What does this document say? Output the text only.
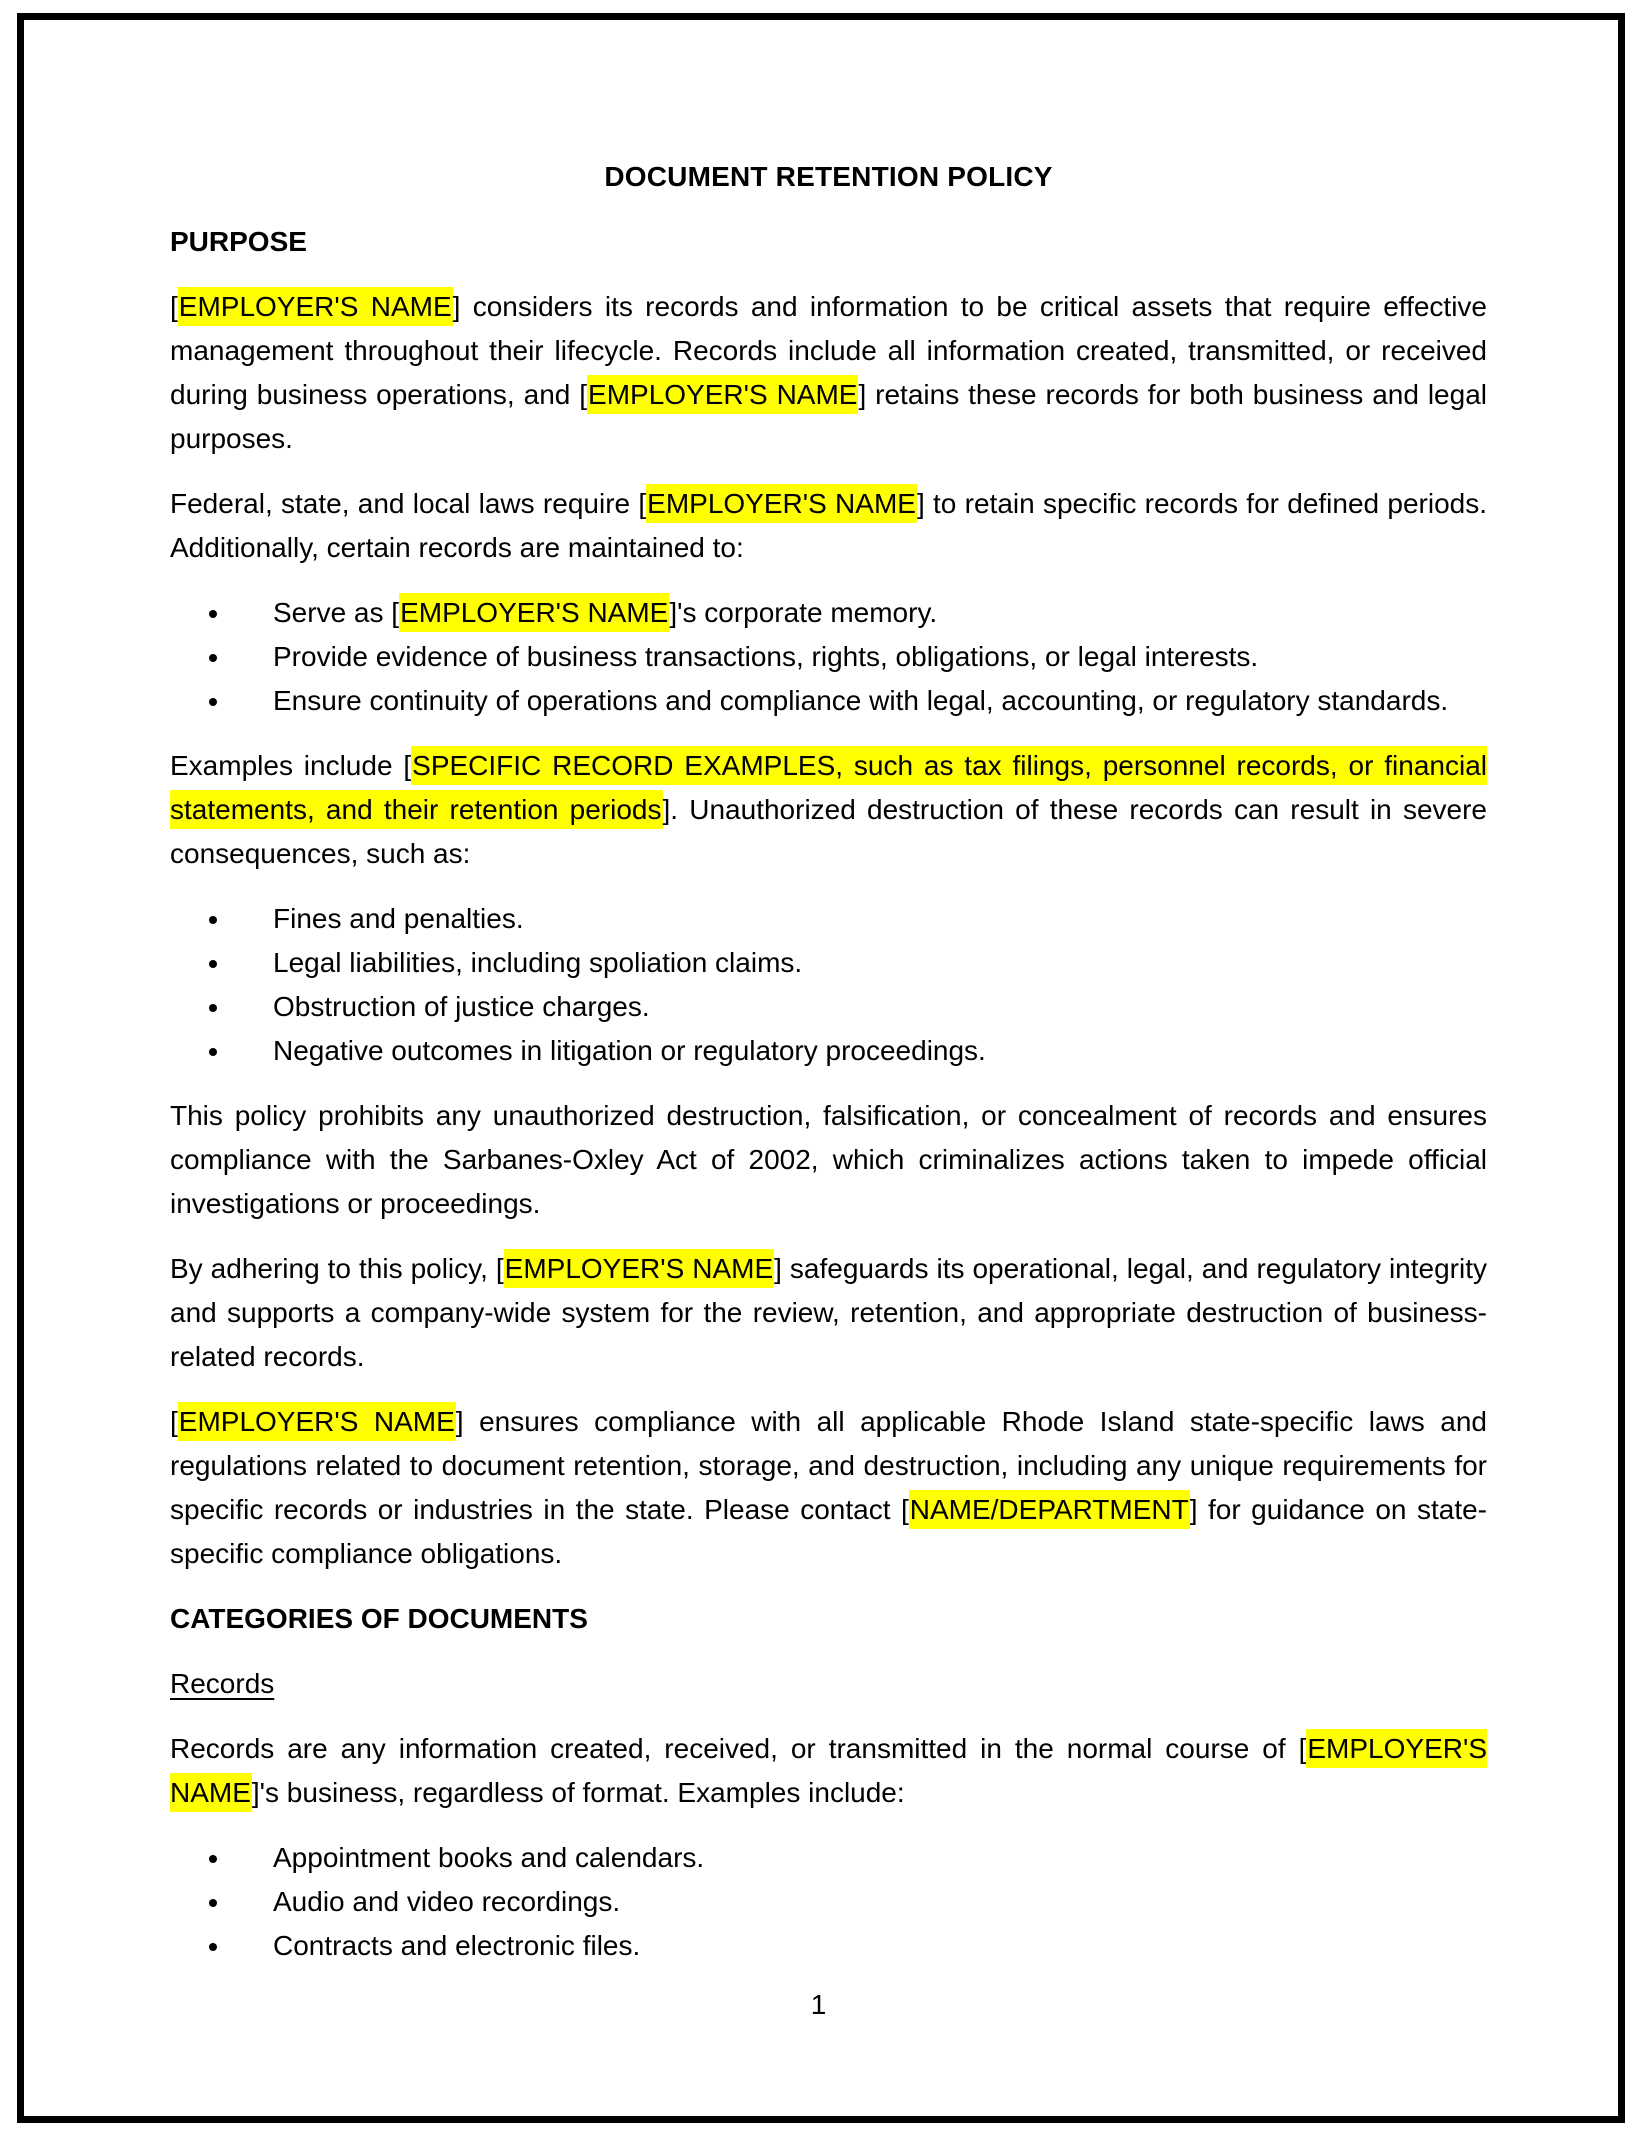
DOCUMENT RETENTION POLICY
PURPOSE

[EMPLOYER'S NAME] considers its records and information to be critical assets that require effective management throughout their lifecycle. Records include all information created, transmitted, or received during business operations, and [EMPLOYER'S NAME] retains these records for both business and legal purposes.

Federal, state, and local laws require [EMPLOYER'S NAME] to retain specific records for defined periods. Additionally, certain records are maintained to:

• Serve as [EMPLOYER'S NAME]'s corporate memory.
• Provide evidence of business transactions, rights, obligations, or legal interests.
• Ensure continuity of operations and compliance with legal, accounting, or regulatory standards.

Examples include [SPECIFIC RECORD EXAMPLES, such as tax filings, personnel records, or financial statements, and their retention periods]. Unauthorized destruction of these records can result in severe consequences, such as:

• Fines and penalties.
• Legal liabilities, including spoliation claims.
• Obstruction of justice charges.
• Negative outcomes in litigation or regulatory proceedings.

This policy prohibits any unauthorized destruction, falsification, or concealment of records and ensures compliance with the Sarbanes-Oxley Act of 2002, which criminalizes actions taken to impede official investigations or proceedings.

By adhering to this policy, [EMPLOYER'S NAME] safeguards its operational, legal, and regulatory integrity and supports a company-wide system for the review, retention, and appropriate destruction of business-related records.

[EMPLOYER'S NAME] ensures compliance with all applicable Rhode Island state-specific laws and regulations related to document retention, storage, and destruction, including any unique requirements for specific records or industries in the state. Please contact [NAME/DEPARTMENT] for guidance on state-specific compliance obligations.

CATEGORIES OF DOCUMENTS
Records

Records are any information created, received, or transmitted in the normal course of [EMPLOYER'S NAME]'s business, regardless of format. Examples include:

• Appointment books and calendars.
• Audio and video recordings.
• Contracts and electronic files.
1
